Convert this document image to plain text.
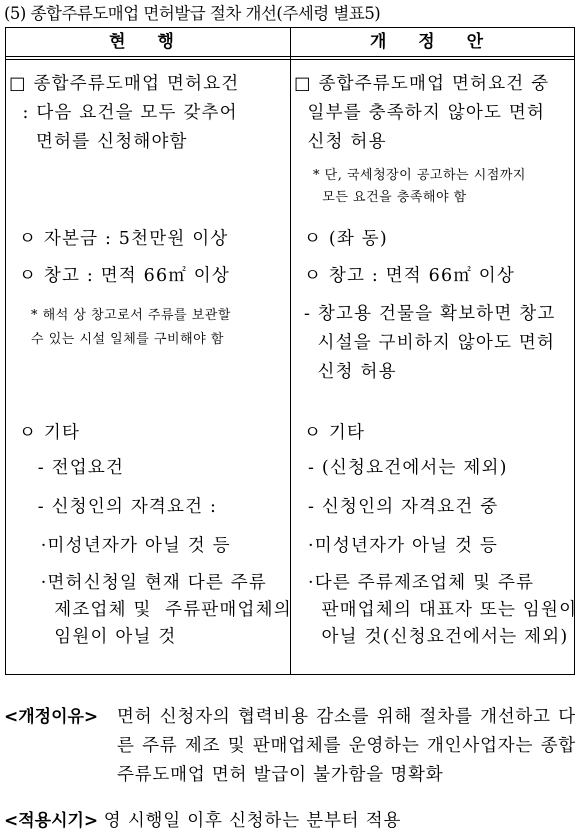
(5) 종합주류도매업 면허발급 절차 개선(주세령 별표5)
현 행	개 정 안
□ 종합주류도매업 면허요건
: 다음 요건을 모두 갖추어
면허를 신청해야함
ㅇ 자본금 : 5천만원 이상
ㅇ 창고 : 면적 66㎡ 이상
* 해석 상 창고로서 주류를 보관할
수 있는 시설 일체를 구비해야 함
ㅇ 기타
- 전업요건
- 신청인의 자격요건 :
·미성년자가 아닐 것 등
·면허신청일 현재 다른 주류
제조업체 및  주류판매업체의
임원이 아닐 것
□ 종합주류도매업 면허요건 중
일부를 충족하지 않아도 면허
신청 허용
* 단, 국세청장이 공고하는 시점까지
모든 요건을 충족해야 함
ㅇ (좌 동)
ㅇ 창고 : 면적 66㎡ 이상
- 창고용 건물을 확보하면 창고
시설을 구비하지 않아도 면허
신청 허용
ㅇ 기타
- (신청요건에서는 제외)
- 신청인의 자격요건 중
·미성년자가 아닐 것 등
·다른 주류제조업체 및 주류
판매업체의 대표자 또는 임원이
아닐 것(신청요건에서는 제외)
<개정이유> 면허 신청자의 협력비용 감소를 위해 절차를 개선하고 다른 주류 제조 및 판매업체를 운영하는 개인사업자는 종합주류도매업 면허 발급이 불가함을 명확화
<적용시기> 영 시행일 이후 신청하는 분부터 적용
